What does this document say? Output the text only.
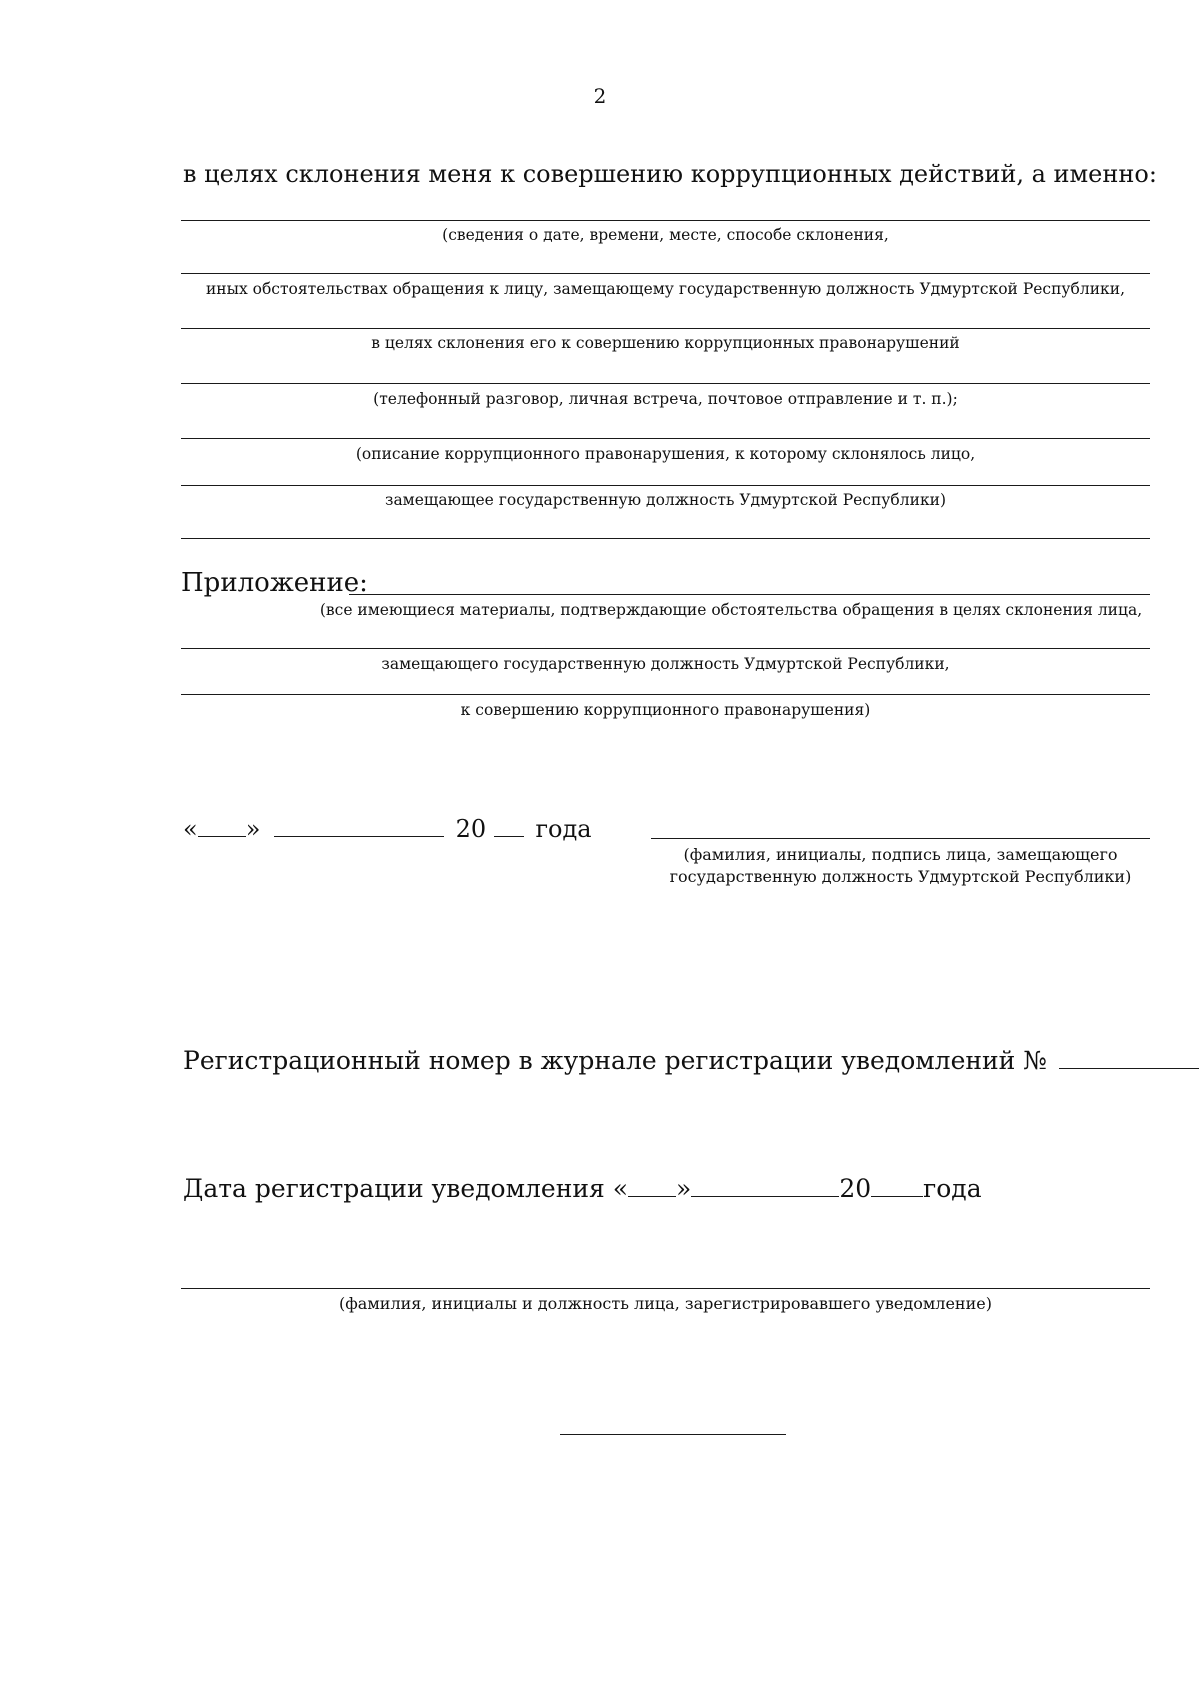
2
в целях склонения меня к совершению коррупционных действий, а именно:
(сведения о дате, времени, месте, способе склонения,
иных обстоятельствах обращения к лицу, замещающему государственную должность Удмуртской Республики,
в целях склонения его к совершению коррупционных правонарушений
(телефонный разговор, личная встреча, почтовое отправление и т. п.);
(описание коррупционного правонарушения, к которому склонялось лицо,
замещающее государственную должность Удмуртской Республики)
Приложение:
(все имеющиеся материалы, подтверждающие обстоятельства обращения в целях склонения лица,
замещающего государственную должность Удмуртской Республики,
к совершению коррупционного правонарушения)
« »	20 года
(фамилия, инициалы, подпись лица, замещающего
государственную должность Удмуртской Республики)
Регистрационный номер в журнале регистрации уведомлений №
Дата регистрации уведомления « »	20 года
(фамилия, инициалы и должность лица, зарегистрировавшего уведомление)
